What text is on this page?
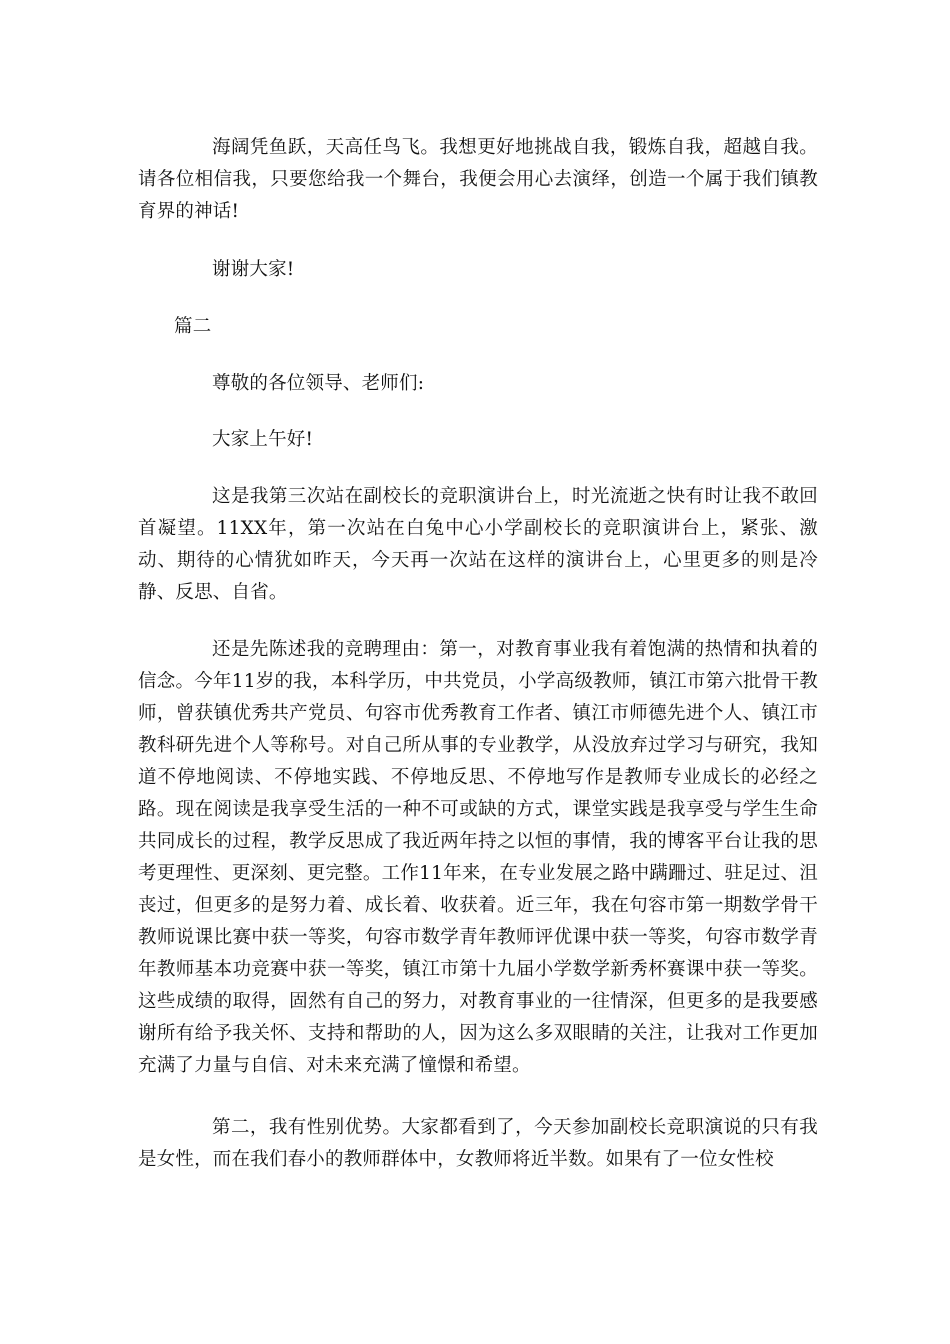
海阔凭鱼跃，天高任鸟飞。我想更好地挑战自我，锻炼自我，超越自我。请各位相信我，只要您给我一个舞台，我便会用心去演绎，创造一个属于我们镇教育界的神话!

谢谢大家!

篇二

尊敬的各位领导、老师们:

大家上午好!

这是我第三次站在副校长的竞职演讲台上，时光流逝之快有时让我不敢回首凝望。11XX年，第一次站在白兔中心小学副校长的竞职演讲台上，紧张、激动、期待的心情犹如昨天，今天再一次站在这样的演讲台上，心里更多的则是冷静、反思、自省。

还是先陈述我的竞聘理由：第一，对教育事业我有着饱满的热情和执着的信念。今年11岁的我，本科学历，中共党员，小学高级教师，镇江市第六批骨干教师，曾获镇优秀共产党员、句容市优秀教育工作者、镇江市师德先进个人、镇江市教科研先进个人等称号。对自己所从事的专业教学，从没放弃过学习与研究，我知道不停地阅读、不停地实践、不停地反思、不停地写作是教师专业成长的必经之路。现在阅读是我享受生活的一种不可或缺的方式，课堂实践是我享受与学生生命共同成长的过程，教学反思成了我近两年持之以恒的事情，我的博客平台让我的思考更理性、更深刻、更完整。工作11年来，在专业发展之路中蹒跚过、驻足过、沮丧过，但更多的是努力着、成长着、收获着。近三年，我在句容市第一期数学骨干教师说课比赛中获一等奖，句容市数学青年教师评优课中获一等奖，句容市数学青年教师基本功竞赛中获一等奖，镇江市第十九届小学数学新秀杯赛课中获一等奖。这些成绩的取得，固然有自己的努力，对教育事业的一往情深，但更多的是我要感谢所有给予我关怀、支持和帮助的人，因为这么多双眼睛的关注，让我对工作更加充满了力量与自信、对未来充满了憧憬和希望。

第二，我有性别优势。大家都看到了，今天参加副校长竞职演说的只有我是女性，而在我们春小的教师群体中，女教师将近半数。如果有了一位女性校
